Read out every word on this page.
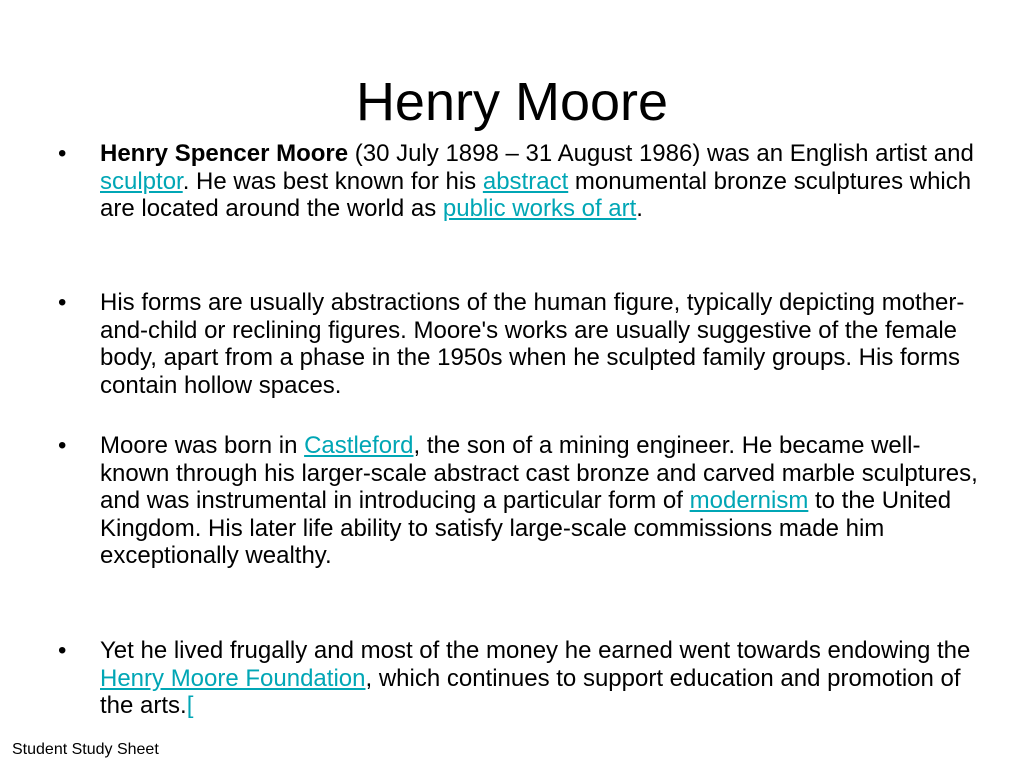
Henry Moore
• Henry Spencer Moore (30 July 1898 – 31 August 1986) was an English artist and sculptor. He was best known for his abstract monumental bronze sculptures which are located around the world as public works of art.
• His forms are usually abstractions of the human figure, typically depicting mother-and-child or reclining figures. Moore's works are usually suggestive of the female body, apart from a phase in the 1950s when he sculpted family groups. His forms contain hollow spaces.
• Moore was born in Castleford, the son of a mining engineer. He became well-known through his larger-scale abstract cast bronze and carved marble sculptures, and was instrumental in introducing a particular form of modernism to the United Kingdom. His later life ability to satisfy large-scale commissions made him exceptionally wealthy.
• Yet he lived frugally and most of the money he earned went towards endowing the Henry Moore Foundation, which continues to support education and promotion of the arts.[
Student Study Sheet
